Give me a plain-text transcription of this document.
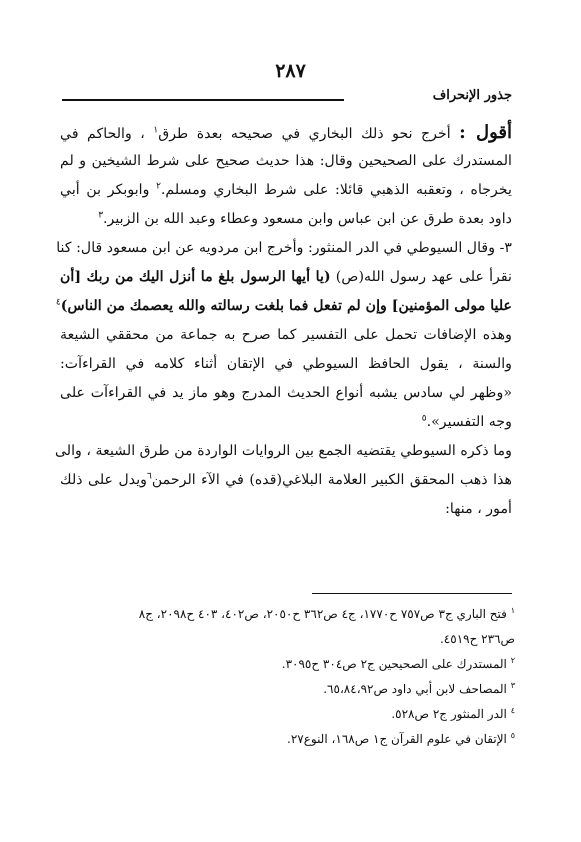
٢٨٧
جذور الإنحراف
أقول : أخرج نحو ذلك البخاري في صحيحه بعدة طرق$^١$ ، والحاكم في
المستدرك على الصحيحين وقال: هذا حديث صحيح على شرط الشيخين و لم
يخرجاه ، وتعقبه الذهبي قائلا: على شرط البخاري ومسلم.$^٢$ وابوبكر بن أبي
داود بعدة طرق عن ابن عباس وابن مسعود وعطاء وعبد الله بن الزبير.$^٣$
٣- وقال السيوطي في الدر المنثور: وأخرج ابن مردويه عن ابن مسعود قال: كنا
نقرأ على عهد رسول الله(ص) (يا أيها الرسول بلغ ما أنزل اليك من ربك [أن
عليا مولى المؤمنين] وإن لم تفعل فما بلغت رسالته والله يعصمك من الناس)$^٤$
وهذه الإضافات تحمل على التفسير كما صرح به جماعة من محققي الشيعة
والسنة ، يقول الحافظ السيوطي في الإتقان أثناء كلامه في القراءآت:
«وظهر لي سادس يشبه أنواع الحديث المدرج وهو ماز يد في القراءآت على
وجه التفسير».$^٥$
وما ذكره السيوطي يقتضيه الجمع بين الروايات الواردة من طرق الشيعة ، والى
هذا ذهب المحقق الكبير العلامة البلاغي(قده) في الآء الرحمن$^٦$ويدل على ذلك
أمور ، منها:
$^١$ فتح الباري ج٣ ص٧٥٧ ح١٧٧٠، ج٤ ص٣٦٢ ح٢٠٥٠، ص٤٠٢، ٤٠٣ ح٢٠٩٨، ج٨
ص٢٣٦ ح٤٥١٩.
$^٢$ المستدرك على الصحيحين ج٢ ص٣٠٤ ح٣٠٩٥.
$^٣$ المصاحف لابن أبي داود ص٦٥،٨٤،٩٢.
$^٤$ الدر المنثور ج٢ ص٥٢٨.
$^٥$ الإتقان في علوم القرآن ج١ ص١٦٨، النوع٢٧.
